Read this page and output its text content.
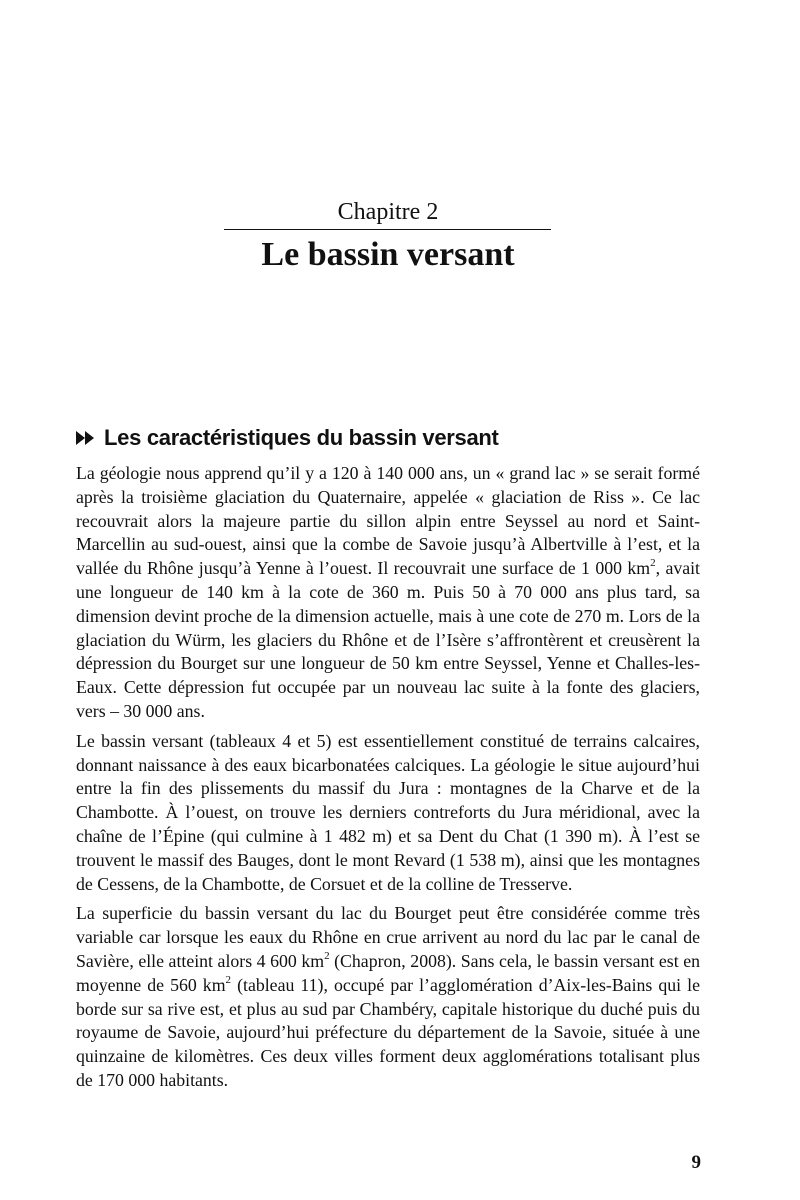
Chapitre 2
Le bassin versant
Les caractéristiques du bassin versant

La géologie nous apprend qu’il y a 120 à 140 000 ans, un « grand lac » se serait formé après la troisième glaciation du Quaternaire, appelée « glaciation de Riss ». Ce lac recouvrait alors la majeure partie du sillon alpin entre Seyssel au nord et Saint-Marcellin au sud-ouest, ainsi que la combe de Savoie jusqu’à Albertville à l’est, et la vallée du Rhône jusqu’à Yenne à l’ouest. Il recouvrait une surface de 1 000 $km^2$, avait une longueur de 140 km à la cote de 360 m. Puis 50 à 70 000 ans plus tard, sa dimension devint proche de la dimension actuelle, mais à une cote de 270 m. Lors de la glaciation du Würm, les glaciers du Rhône et de l’Isère s’affrontèrent et creusèrent la dépression du Bourget sur une longueur de 50 km entre Seyssel, Yenne et Challes-les-Eaux. Cette dépression fut occupée par un nouveau lac suite à la fonte des glaciers, vers – 30 000 ans.

Le bassin versant (tableaux 4 et 5) est essentiellement constitué de terrains calcaires, donnant naissance à des eaux bicarbonatées calciques. La géologie le situe aujourd’hui entre la fin des plissements du massif du Jura : montagnes de la Charve et de la Chambotte. À l’ouest, on trouve les derniers contreforts du Jura méridional, avec la chaîne de l’Épine (qui culmine à 1 482 m) et sa Dent du Chat (1 390 m). À l’est se trouvent le massif des Bauges, dont le mont Revard (1 538 m), ainsi que les montagnes de Cessens, de la Chambotte, de Corsuet et de la colline de Tresserve.

La superficie du bassin versant du lac du Bourget peut être considérée comme très variable car lorsque les eaux du Rhône en crue arrivent au nord du lac par le canal de Savière, elle atteint alors 4 600 $km^2$ (Chapron, 2008). Sans cela, le bassin versant est en moyenne de 560 $km^2$ (tableau 11), occupé par l’agglomération d’Aix-les-Bains qui le borde sur sa rive est, et plus au sud par Chambéry, capitale historique du duché puis du royaume de Savoie, aujourd’hui préfecture du département de la Savoie, située à une quinzaine de kilomètres. Ces deux villes forment deux agglomérations totalisant plus de 170 000 habitants.

9
